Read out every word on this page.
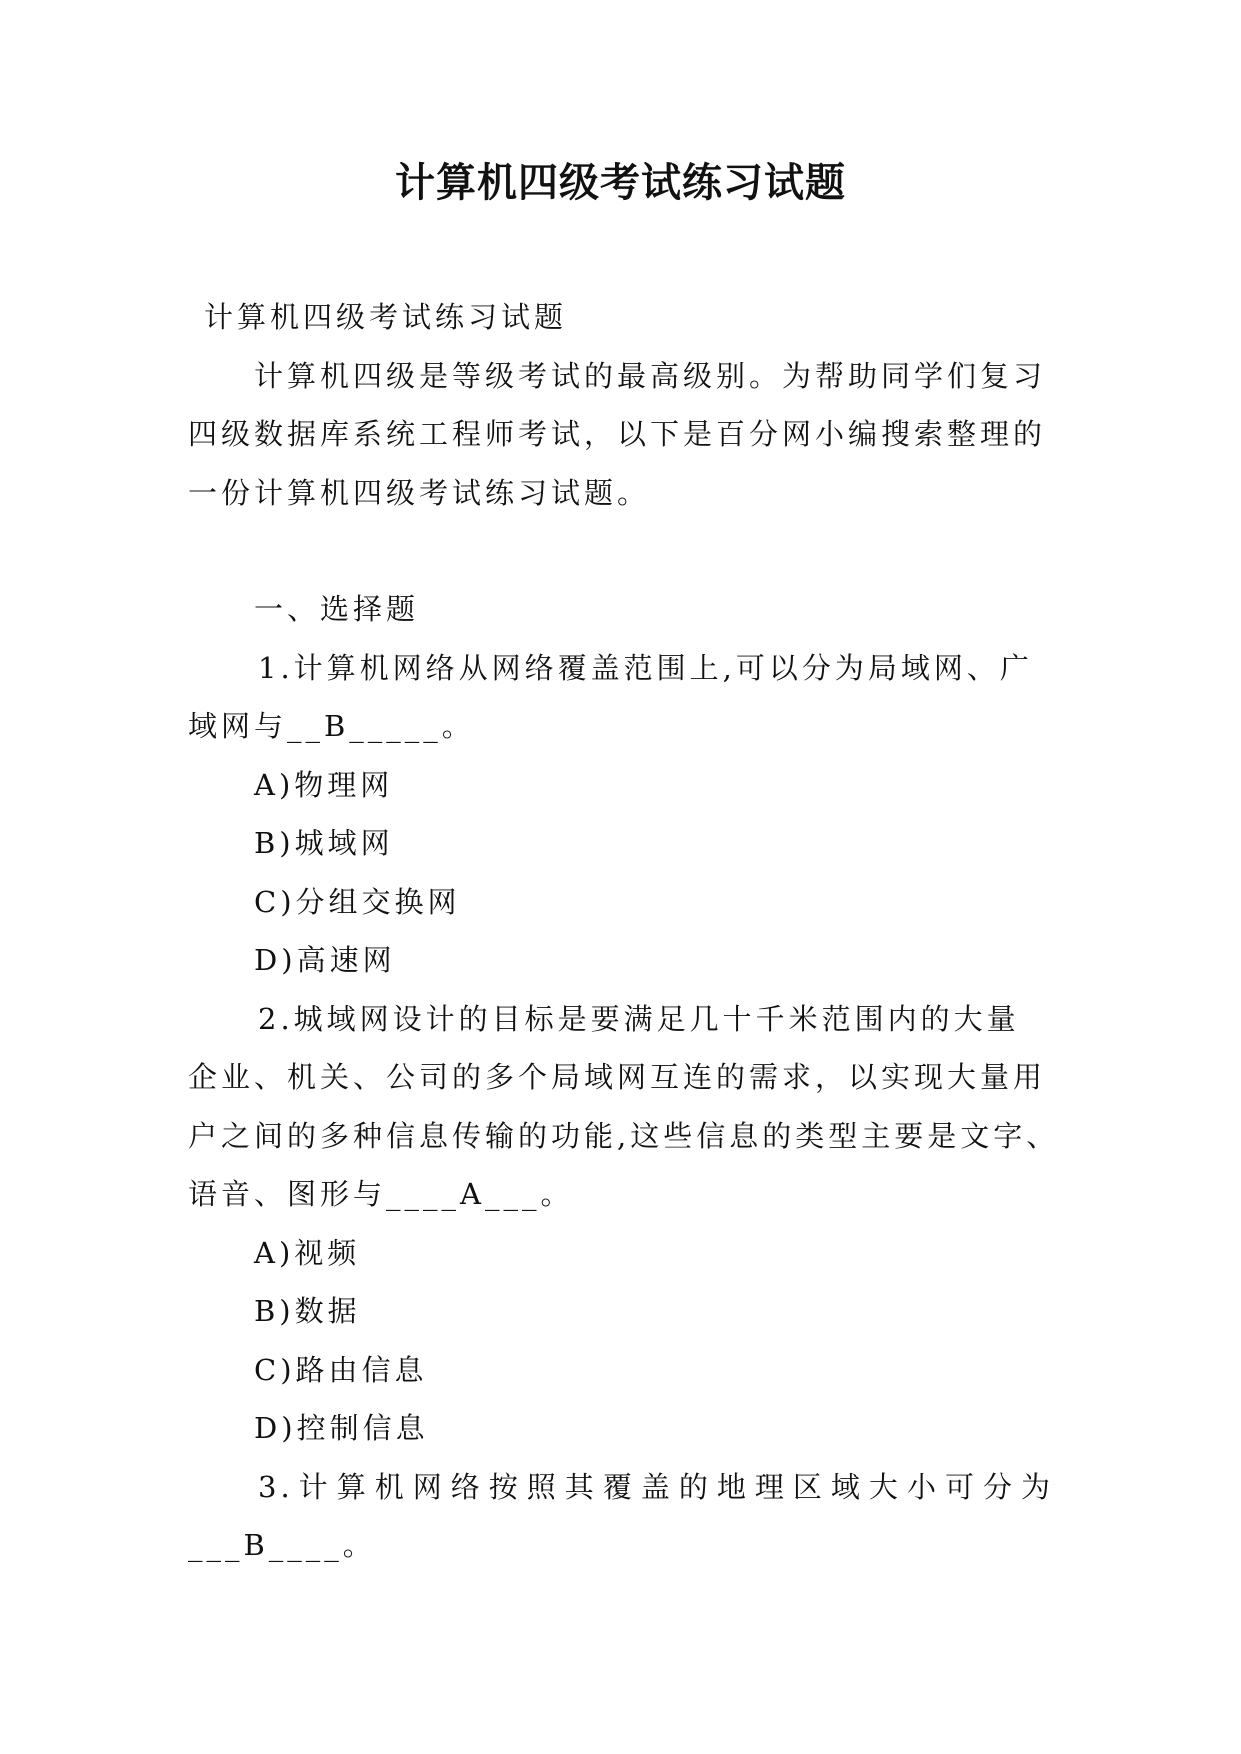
计算机四级考试练习试题
计算机四级考试练习试题
计算机四级是等级考试的最高级别。为帮助同学们复习
四级数据库系统工程师考试，以下是百分网小编搜索整理的
一份计算机四级考试练习试题。
一、选择题
1.计算机网络从网络覆盖范围上,可以分为局域网、广
域网与__B_____。
A)物理网
B)城域网
C)分组交换网
D)高速网
2.城域网设计的目标是要满足几十千米范围内的大量
企业、机关、公司的多个局域网互连的需求，以实现大量用
户之间的多种信息传输的功能,这些信息的类型主要是文字、
语音、图形与____A___。
A)视频
B)数据
C)路由信息
D)控制信息
3.计算机网络按照其覆盖的地理区域大小可分为
___B____。
